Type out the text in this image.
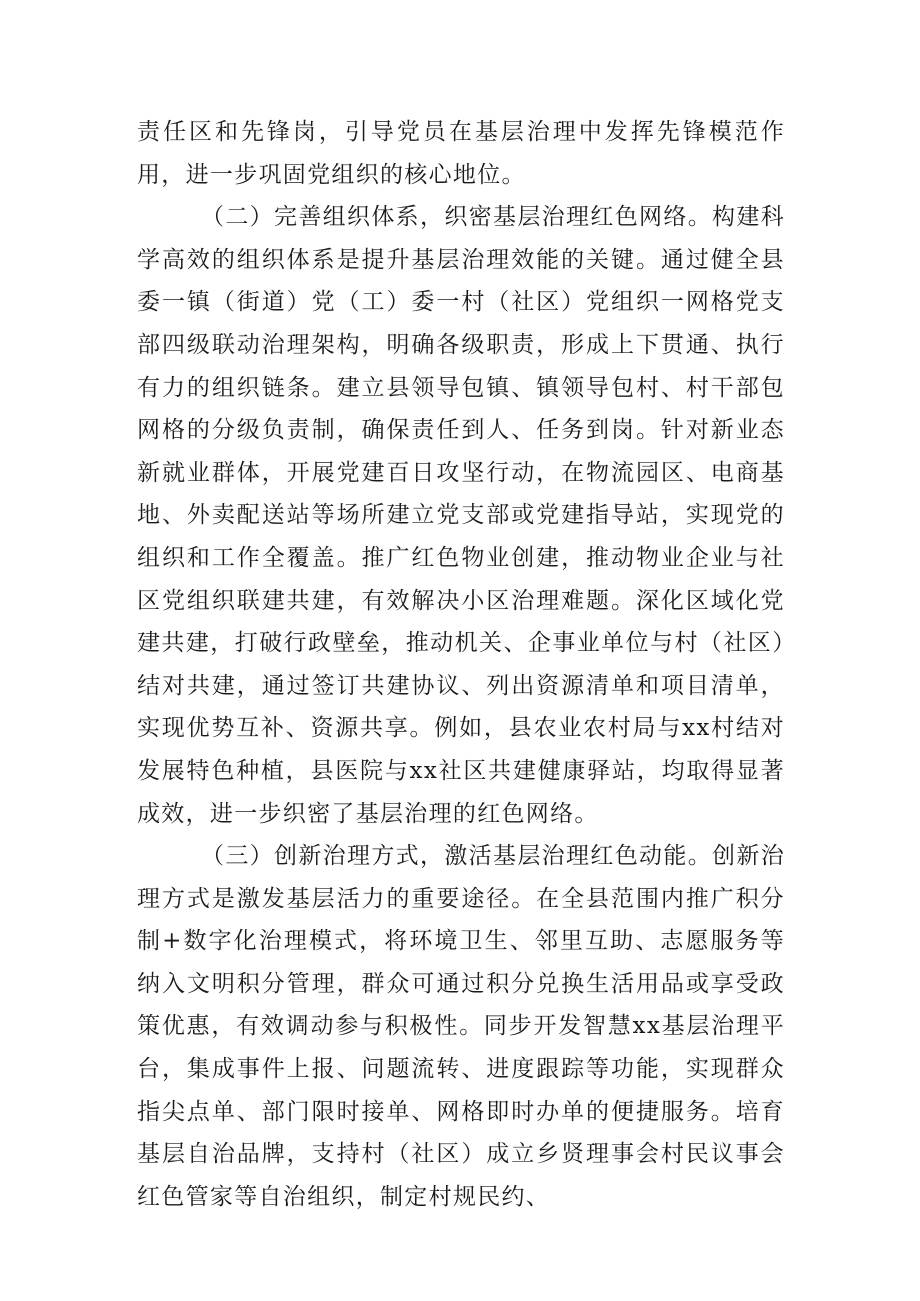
责任区和先锋岗，引导党员在基层治理中发挥先锋模范作用，进一步巩固党组织的核心地位。

（二）完善组织体系，织密基层治理红色网络。构建科学高效的组织体系是提升基层治理效能的关键。通过健全县委一镇（街道）党（工）委一村（社区）党组织一网格党支部四级联动治理架构，明确各级职责，形成上下贯通、执行有力的组织链条。建立县领导包镇、镇领导包村、村干部包网格的分级负责制，确保责任到人、任务到岗。针对新业态新就业群体，开展党建百日攻坚行动，在物流园区、电商基地、外卖配送站等场所建立党支部或党建指导站，实现党的组织和工作全覆盖。推广红色物业创建，推动物业企业与社区党组织联建共建，有效解决小区治理难题。深化区域化党建共建，打破行政壁垒，推动机关、企事业单位与村（社区）结对共建，通过签订共建协议、列出资源清单和项目清单，实现优势互补、资源共享。例如，县农业农村局与xx村结对发展特色种植，县医院与xx社区共建健康驿站，均取得显著成效，进一步织密了基层治理的红色网络。

（三）创新治理方式，激活基层治理红色动能。创新治理方式是激发基层活力的重要途径。在全县范围内推广积分制+数字化治理模式，将环境卫生、邻里互助、志愿服务等纳入文明积分管理，群众可通过积分兑换生活用品或享受政策优惠，有效调动参与积极性。同步开发智慧xx基层治理平台，集成事件上报、问题流转、进度跟踪等功能，实现群众指尖点单、部门限时接单、网格即时办单的便捷服务。培育基层自治品牌，支持村（社区）成立乡贤理事会村民议事会红色管家等自治组织，制定村规民约、
